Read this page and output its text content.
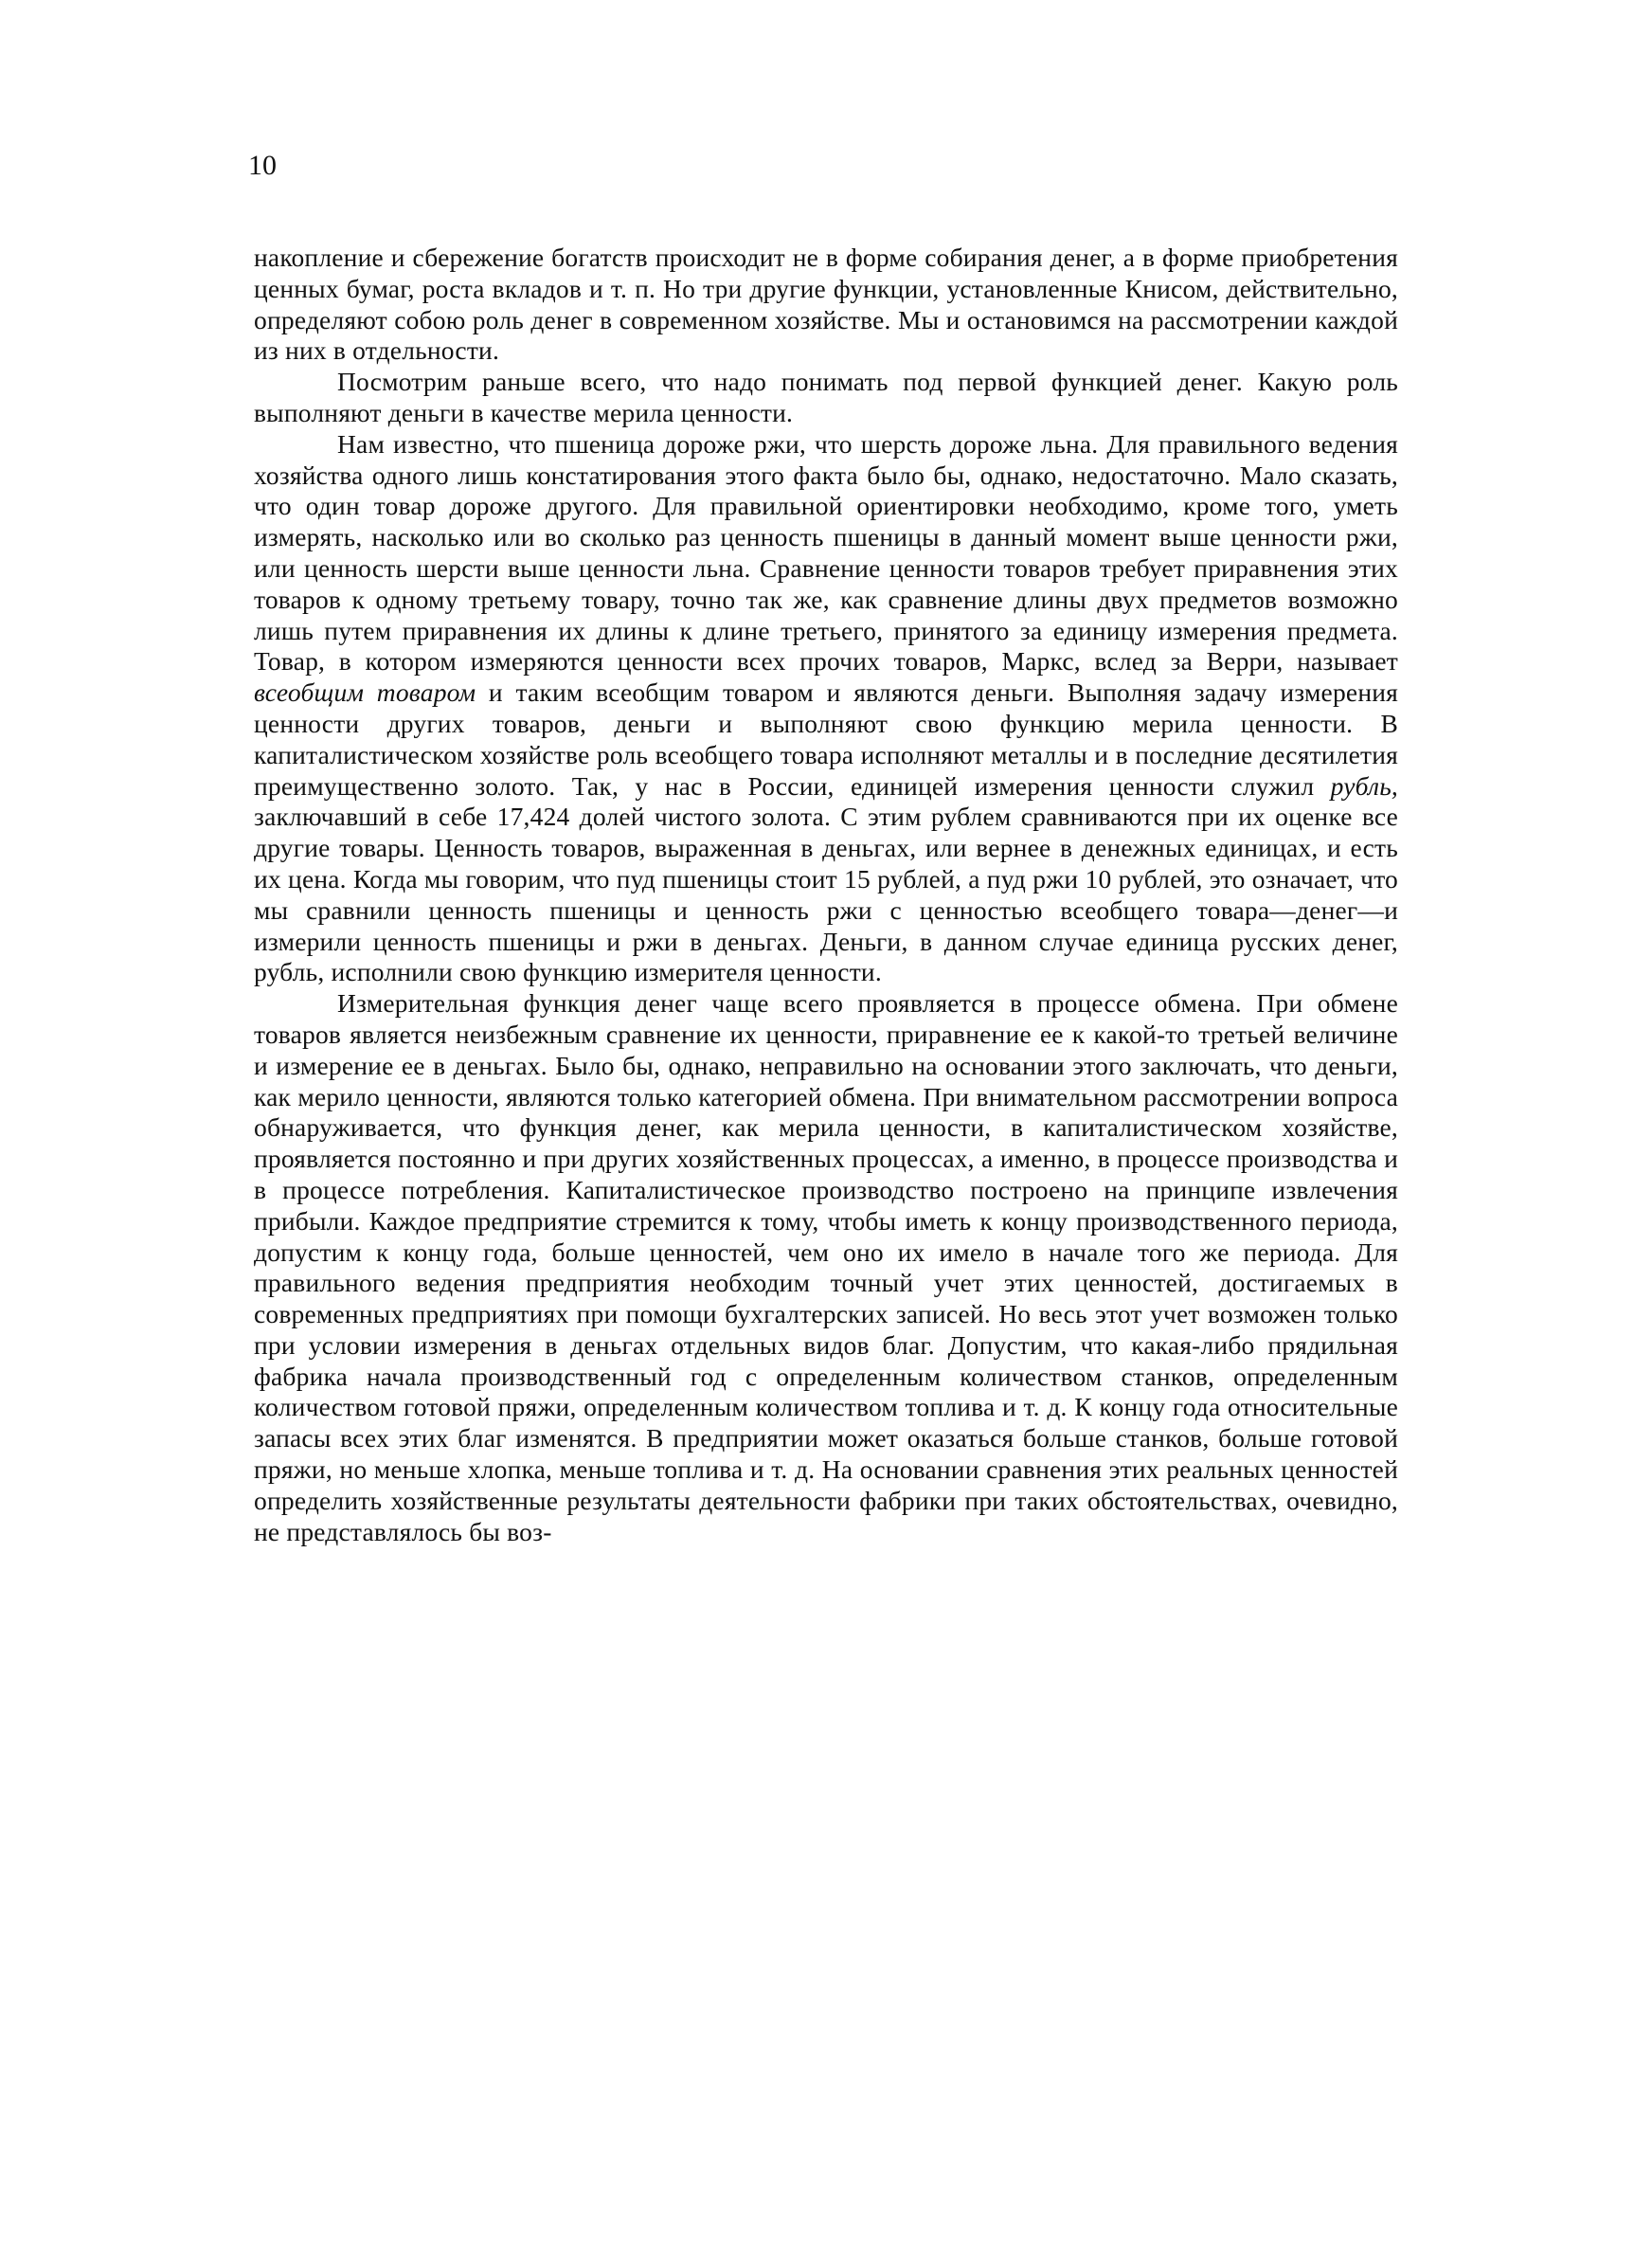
10

накопление и сбережение богатств происходит не в форме собирания денег, а в форме приобретения ценных бумаг, роста вкладов и т. п. Но три другие функции, установленные Книсом, действительно, определяют собою роль денег в современном хозяйстве. Мы и остановимся на рассмотрении каждой из них в отдельности.

Посмотрим раньше всего, что надо понимать под первой функцией денег. Какую роль выполняют деньги в качестве мерила ценности.

Нам известно, что пшеница дороже ржи, что шерсть дороже льна. Для правильного ведения хозяйства одного лишь констатирования этого факта было бы, однако, недостаточно. Мало сказать, что один товар дороже другого. Для правильной ориентировки необходимо, кроме того, уметь измерять, насколько или во сколько раз ценность пшеницы в данный момент выше ценности ржи, или ценность шерсти выше ценности льна. Сравнение ценности товаров требует приравнения этих товаров к одному третьему товару, точно так же, как сравнение длины двух предметов возможно лишь путем приравнения их длины к длине третьего, принятого за единицу измерения предмета. Товар, в котором измеряются ценности всех прочих товаров, Маркс, вслед за Верри, называет всеобщим товаром и таким всеобщим товаром и являются деньги. Выполняя задачу измерения ценности других товаров, деньги и выполняют свою функцию мерила ценности. В капиталистическом хозяйстве роль всеобщего товара исполняют металлы и в последние десятилетия преимущественно золото. Так, у нас в России, единицей измерения ценности служил рубль, заключавший в себе 17,424 долей чистого золота. С этим рублем сравниваются при их оценке все другие товары. Ценность товаров, выраженная в деньгах, или вернее в денежных единицах, и есть их цена. Когда мы говорим, что пуд пшеницы стоит 15 рублей, а пуд ржи 10 рублей, это означает, что мы сравнили ценность пшеницы и ценность ржи с ценностью всеобщего товара—денег—и измерили ценность пшеницы и ржи в деньгах. Деньги, в данном случае единица русских денег, рубль, исполнили свою функцию измерителя ценности.

Измерительная функция денег чаще всего проявляется в процессе обмена. При обмене товаров является неизбежным сравнение их ценности, приравнение ее к какой-то третьей величине и измерение ее в деньгах. Было бы, однако, неправильно на основании этого заключать, что деньги, как мерило ценности, являются только категорией обмена. При внимательном рассмотрении вопроса обнаруживается, что функция денег, как мерила ценности, в капиталистическом хозяйстве, проявляется постоянно и при других хозяйственных процессах, а именно, в процессе производства и в процессе потребления. Капиталистическое производство построено на принципе извлечения прибыли. Каждое предприятие стремится к тому, чтобы иметь к концу производственного периода, допустим к концу года, больше ценностей, чем оно их имело в начале того же периода. Для правильного ведения предприятия необходим точный учет этих ценностей, достигаемых в современных предприятиях при помощи бухгалтерских записей. Но весь этот учет возможен только при условии измерения в деньгах отдельных видов благ. Допустим, что какая-либо прядильная фабрика начала производственный год с определенным количеством станков, определенным количеством готовой пряжи, определенным количеством топлива и т. д. К концу года относительные запасы всех этих благ изменятся. В предприятии может оказаться больше станков, больше готовой пряжи, но меньше хлопка, меньше топлива и т. д. На основании сравнения этих реальных ценностей определить хозяйственные результаты деятельности фабрики при таких обстоятельствах, очевидно, не представлялось бы воз-
